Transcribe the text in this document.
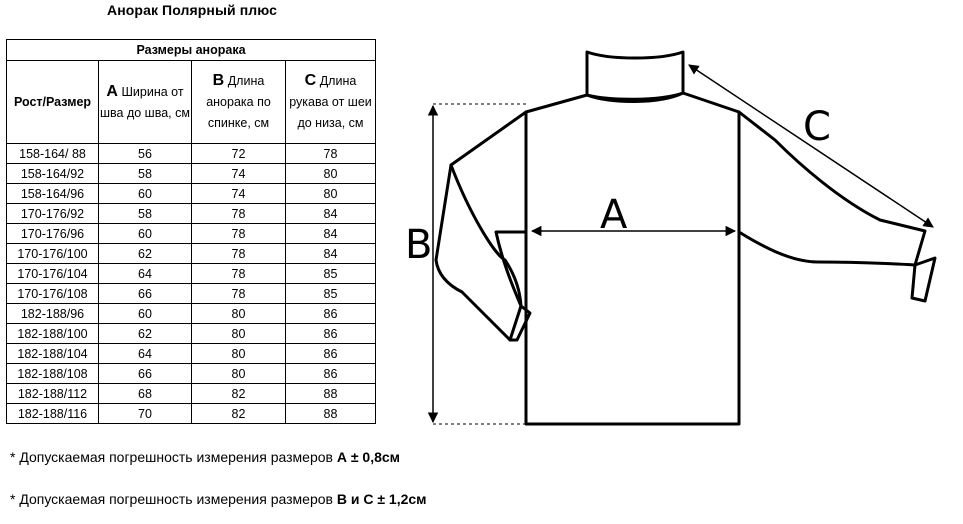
Анорак Полярный плюс
Размеры анорака			
Рост/Размер	А Ширина от шва до шва, см	В Длина анорака по спинке, см	С Длина рукава от шеи до низа, см
158-164/ 88	56	72	78
158-164/92	58	74	80
158-164/96	60	74	80
170-176/92	58	78	84
170-176/96	60	78	84
170-176/100	62	78	84
170-176/104	64	78	85
170-176/108	66	78	85
182-188/96	60	80	86
182-188/100	62	80	86
182-188/104	64	80	86
182-188/108	66	80	86
182-188/112	68	82	88
182-188/116	70	82	88
* Допускаемая погрешность измерения размеров А ± 0,8см
* Допускаемая погрешность измерения размеров В и С ± 1,2см
A
B
C
